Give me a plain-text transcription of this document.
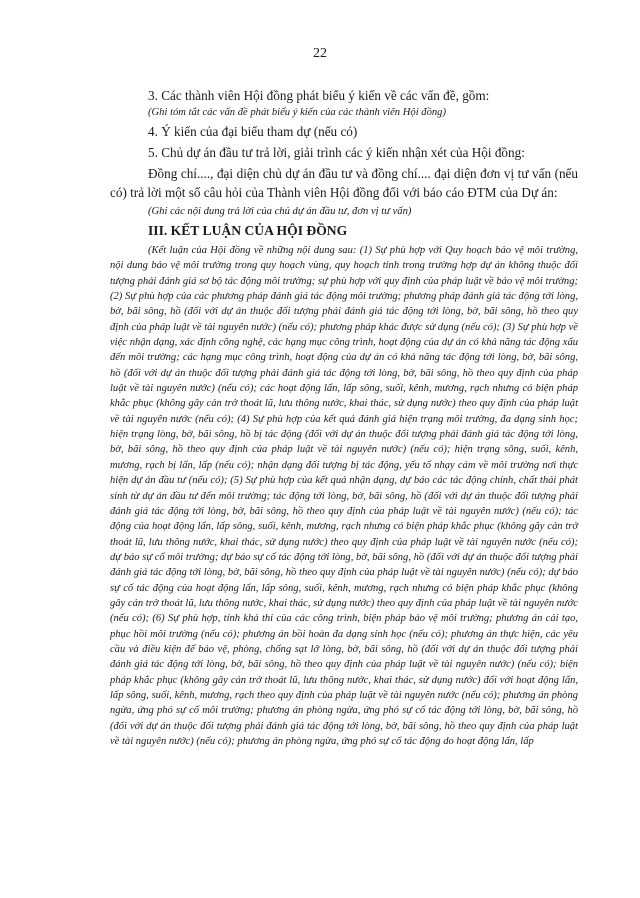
22

3. Các thành viên Hội đồng phát biểu ý kiến về các vấn đề, gồm:

(Ghi tóm tắt các vấn đề phát biểu ý kiến của các thành viên Hội đồng)

4. Ý kiến của đại biểu tham dự (nếu có)

5. Chủ dự án đầu tư trả lời, giải trình các ý kiến nhận xét của Hội đồng:

Đồng chí...., đại diện chủ dự án đầu tư và đồng chí.... đại diện đơn vị tư vấn (nếu có) trả lời một số câu hỏi của Thành viên Hội đồng đối với báo cáo ĐTM của Dự án:

(Ghi các nội dung trả lời của chủ dự án đầu tư, đơn vị tư vấn)

III. KẾT LUẬN CỦA HỘI ĐỒNG

(Kết luận của Hội đồng về những nội dung sau: (1) Sự phù hợp với Quy hoạch bảo vệ môi trường, nội dung bảo vệ môi trường trong quy hoạch vùng, quy hoạch tỉnh trong trường hợp dự án không thuộc đối tượng phải đánh giá sơ bộ tác động môi trường; sự phù hợp với quy định của pháp luật về bảo vệ môi trường; (2) Sự phù hợp của các phương pháp đánh giá tác động môi trường; phương pháp đánh giá tác động tới lòng, bờ, bãi sông, hồ (đối với dự án thuộc đối tượng phải đánh giá tác động tới lòng, bờ, bãi sông, hồ theo quy định của pháp luật về tài nguyên nước) (nếu có); phương pháp khác được sử dụng (nếu có); (3) Sự phù hợp về việc nhận dạng, xác định công nghệ, các hạng mục công trình, hoạt động của dự án có khả năng tác động xấu đến môi trường; các hạng mục công trình, hoạt động của dự án có khả năng tác động tới lòng, bờ, bãi sông, hồ (đối với dự án thuộc đối tượng phải đánh giá tác động tới lòng, bờ, bãi sông, hồ theo quy định của pháp luật về tài nguyên nước) (nếu có); các hoạt động lấn, lấp sông, suối, kênh, mương, rạch nhưng có biện pháp khắc phục (không gây cản trở thoát lũ, lưu thông nước, khai thác, sử dụng nước) theo quy định của pháp luật về tài nguyên nước (nếu có); (4) Sự phù hợp của kết quả đánh giá hiện trạng môi trường, đa dạng sinh học; hiện trạng lòng, bờ, bãi sông, hồ bị tác động (đối với dự án thuộc đối tượng phải đánh giá tác động tới lòng, bờ, bãi sông, hồ theo quy định của pháp luật về tài nguyên nước) (nếu có); hiện trạng sông, suối, kênh, mương, rạch bị lấn, lấp (nếu có); nhận dạng đối tượng bị tác động, yếu tố nhạy cảm về môi trường nơi thực hiện dự án đầu tư (nếu có); (5) Sự phù hợp của kết quả nhận dạng, dự báo các tác động chính, chất thải phát sinh từ dự án đầu tư đến môi trường; tác động tới lòng, bờ, bãi sông, hồ (đối với dự án thuộc đối tượng phải đánh giá tác động tới lòng, bờ, bãi sông, hồ theo quy định của pháp luật về tài nguyên nước) (nếu có); tác động của hoạt động lấn, lấp sông, suối, kênh, mương, rạch nhưng có biện pháp khắc phục (không gây cản trở thoát lũ, lưu thông nước, khai thác, sử dụng nước) theo quy định của pháp luật về tài nguyên nước (nếu có); dự báo sự cố môi trường; dự báo sự cố tác động tới lòng, bờ, bãi sông, hồ (đối với dự án thuộc đối tượng phải đánh giá tác động tới lòng, bờ, bãi sông, hồ theo quy định của pháp luật về tài nguyên nước) (nếu có); dự báo sự cố tác động của hoạt động lấn, lấp sông, suối, kênh, mương, rạch nhưng có biện pháp khắc phục (không gây cản trở thoát lũ, lưu thông nước, khai thác, sử dụng nước) theo quy định của pháp luật về tài nguyên nước (nếu có); (6) Sự phù hợp, tính khả thi của các công trình, biện pháp bảo vệ môi trường; phương án cải tạo, phục hồi môi trường (nếu có); phương án bồi hoàn đa dạng sinh học (nếu có); phương án thực hiện, các yêu cầu và điều kiện để bảo vệ, phòng, chống sạt lở lòng, bờ, bãi sông, hồ (đối với dự án thuộc đối tượng phải đánh giá tác động tới lòng, bờ, bãi sông, hồ theo quy định của pháp luật về tài nguyên nước) (nếu có); biện pháp khắc phục (không gây cản trở thoát lũ, lưu thông nước, khai thác, sử dụng nước) đối với hoạt động lấn, lấp sông, suối, kênh, mương, rạch theo quy định của pháp luật về tài nguyên nước (nếu có); phương án phòng ngừa, ứng phó sự cố môi trường; phương án phòng ngừa, ứng phó sự cố tác động tới lòng, bờ, bãi sông, hồ (đối với dự án thuộc đối tượng phải đánh giá tác động tới lòng, bờ, bãi sông, hồ theo quy định của pháp luật về tài nguyên nước) (nếu có); phương án phòng ngừa, ứng phó sự cố tác động do hoạt động lấn, lấp
